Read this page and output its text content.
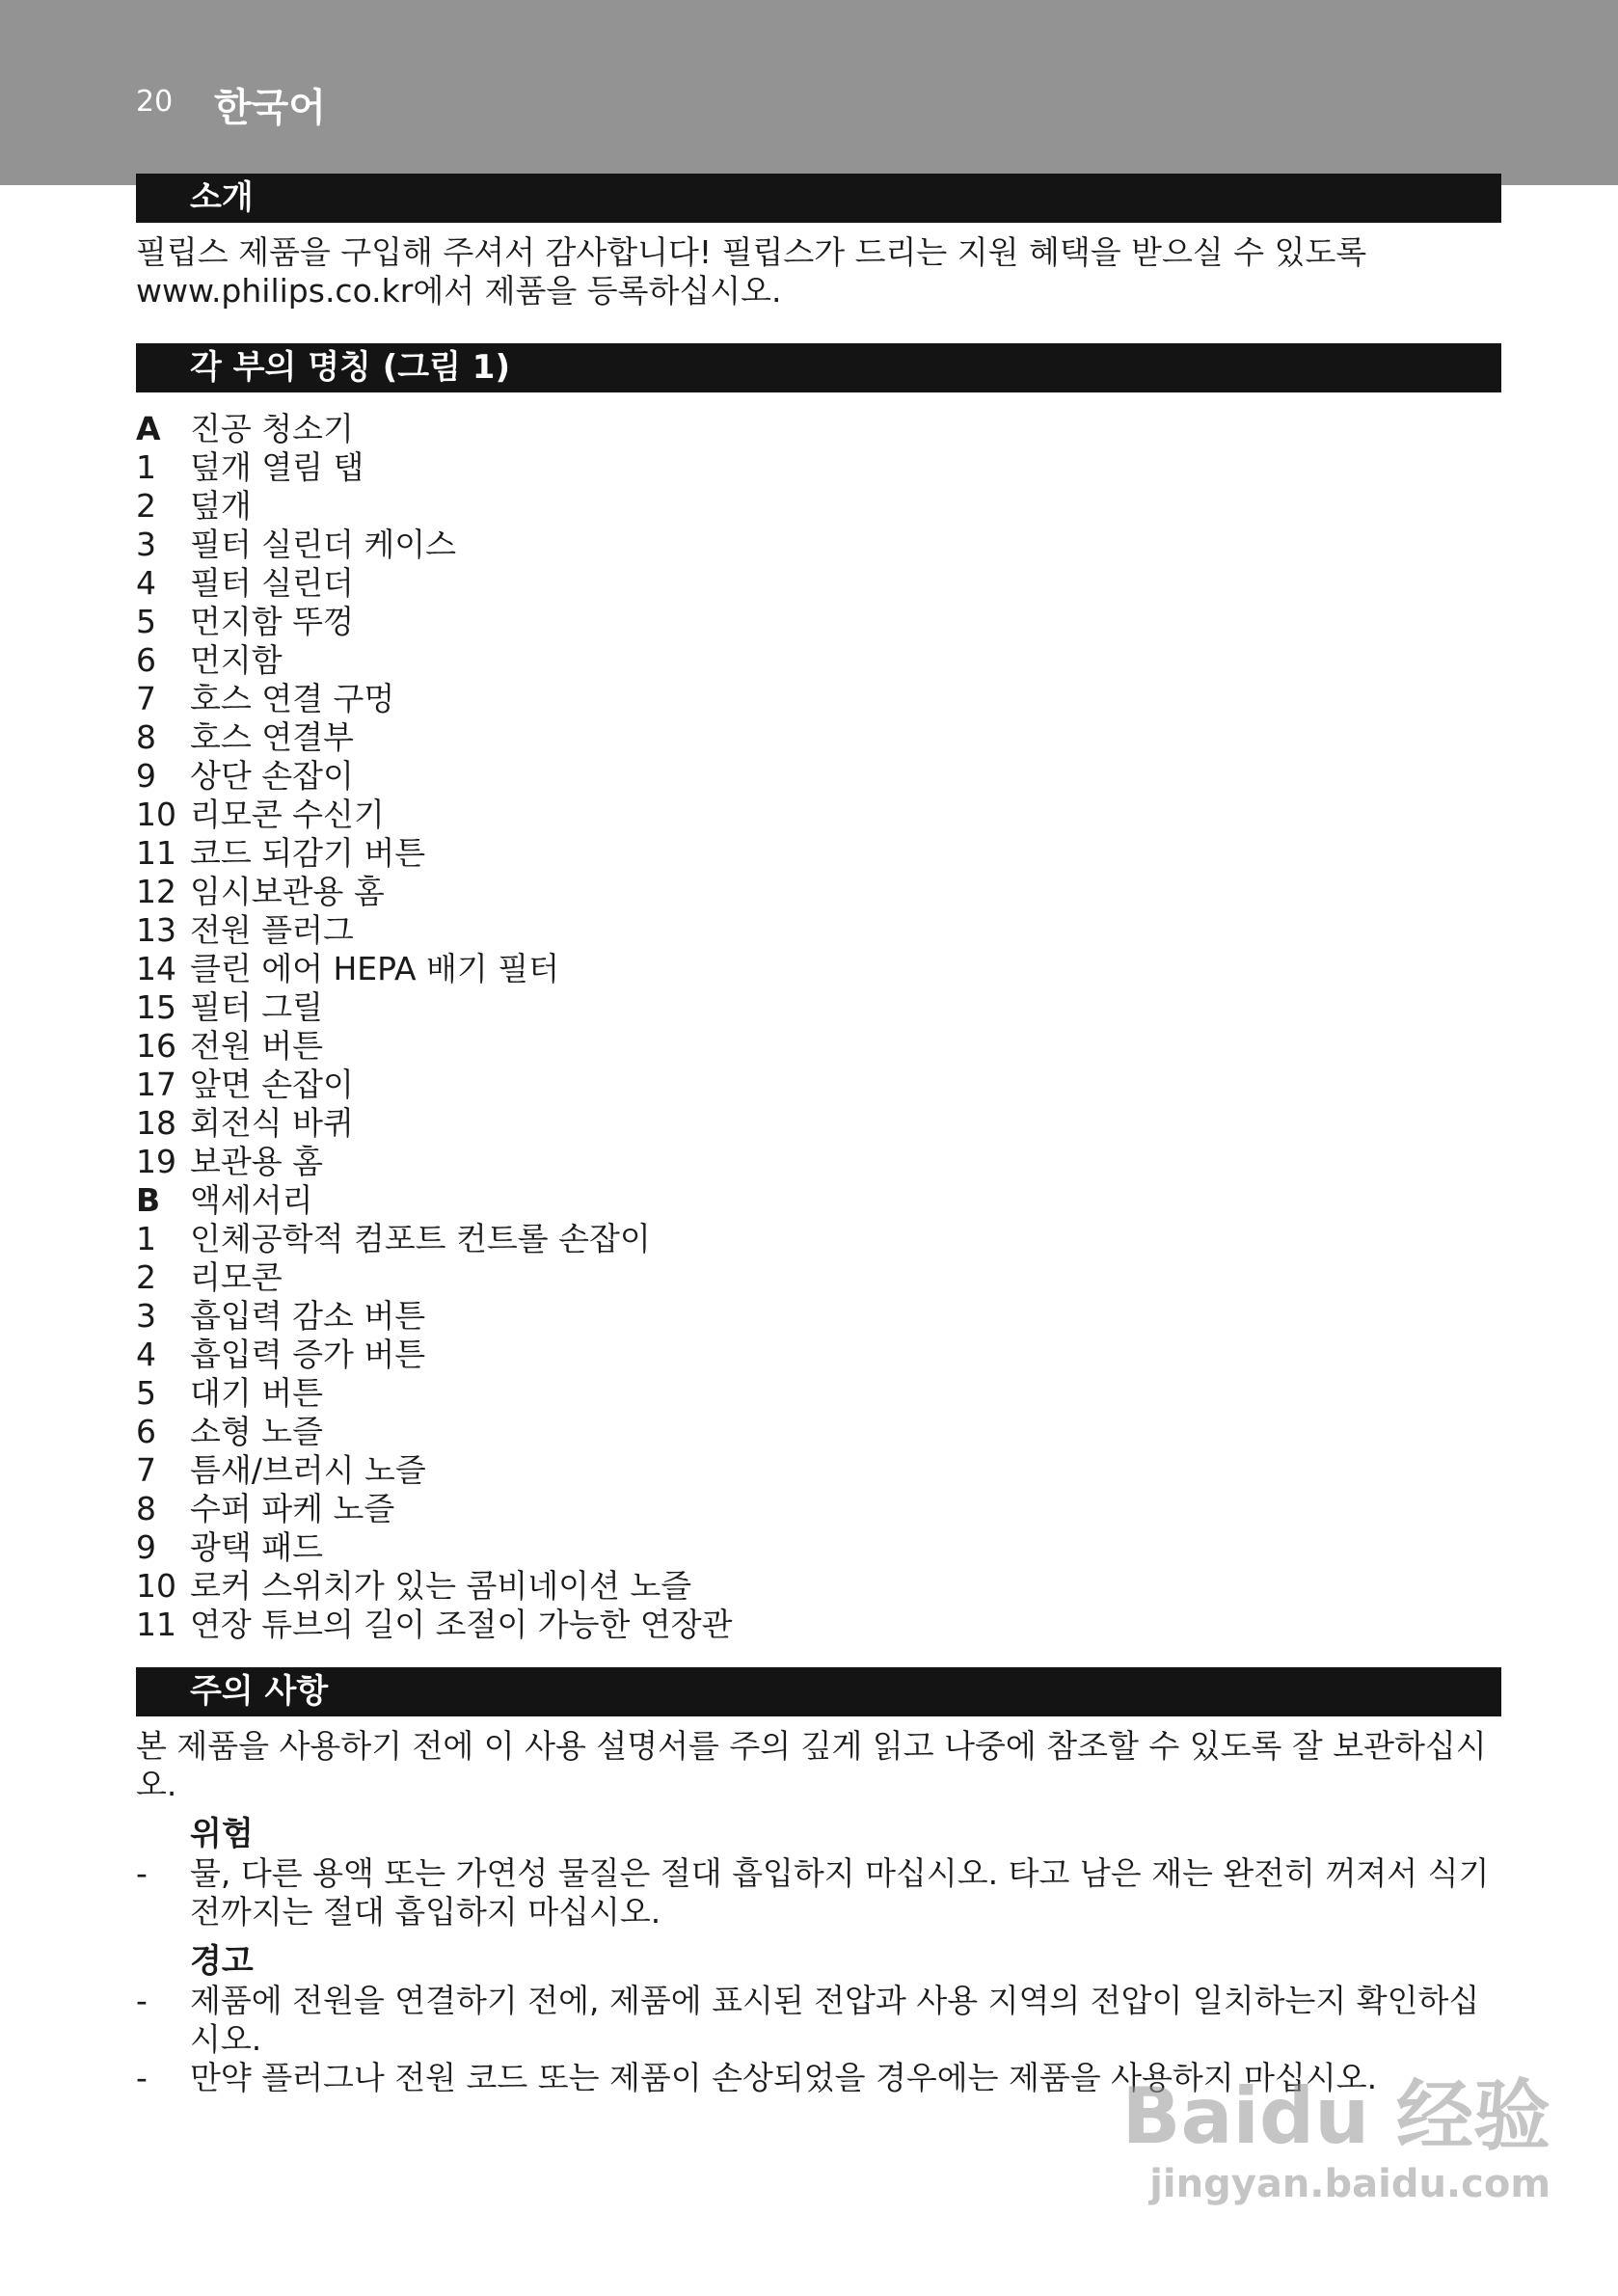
20 한국어
소개

필립스 제품을 구입해 주셔서 감사합니다! 필립스가 드리는 지원 혜택을 받으실 수 있도록 www.philips.co.kr에서 제품을 등록하십시오.

각 부의 명칭 (그림 1)
A 진공 청소기
1	덮개 열림 탭
2	덮개
3	필터 실린더 케이스
4	필터 실린더
5	먼지함 뚜껑
6	먼지함
7	호스 연결 구멍
8	호스 연결부
9	상단 손잡이
10 리모콘 수신기
11 코드 되감기 버튼
12 임시보관용 홈
13 전원 플러그
14 클린 에어 HEPA 배기 필터
15 필터 그릴
16 전원 버튼
17 앞면 손잡이
18 회전식 바퀴
19 보관용 홈
B 액세서리
1	인체공학적 컴포트 컨트롤 손잡이
2	리모콘
3	흡입력 감소 버튼
4	흡입력 증가 버튼
5	대기 버튼
6	소형 노즐
7	틈새/브러시 노즐
8	수퍼 파케 노즐
9	광택 패드
10 로커 스위치가 있는 콤비네이션 노즐
11 연장 튜브의 길이 조절이 가능한 연장관
주의 사항

본 제품을 사용하기 전에 이 사용 설명서를 주의 깊게 읽고 나중에 참조할 수 있도록 잘 보관하십시오.

위험
-	물, 다른 용액 또는 가연성 물질은 절대 흡입하지 마십시오. 타고 남은 재는 완전히 꺼져서 식기 전까지는 절대 흡입하지 마십시오.
경고
-	제품에 전원을 연결하기 전에, 제품에 표시된 전압과 사용 지역의 전압이 일치하는지 확인하십시오.
-	만약 플러그나 전원 코드 또는 제품이 손상되었을 경우에는 제품을 사용하지 마십시오.
Baidu 经验
jingyan.baidu.com
